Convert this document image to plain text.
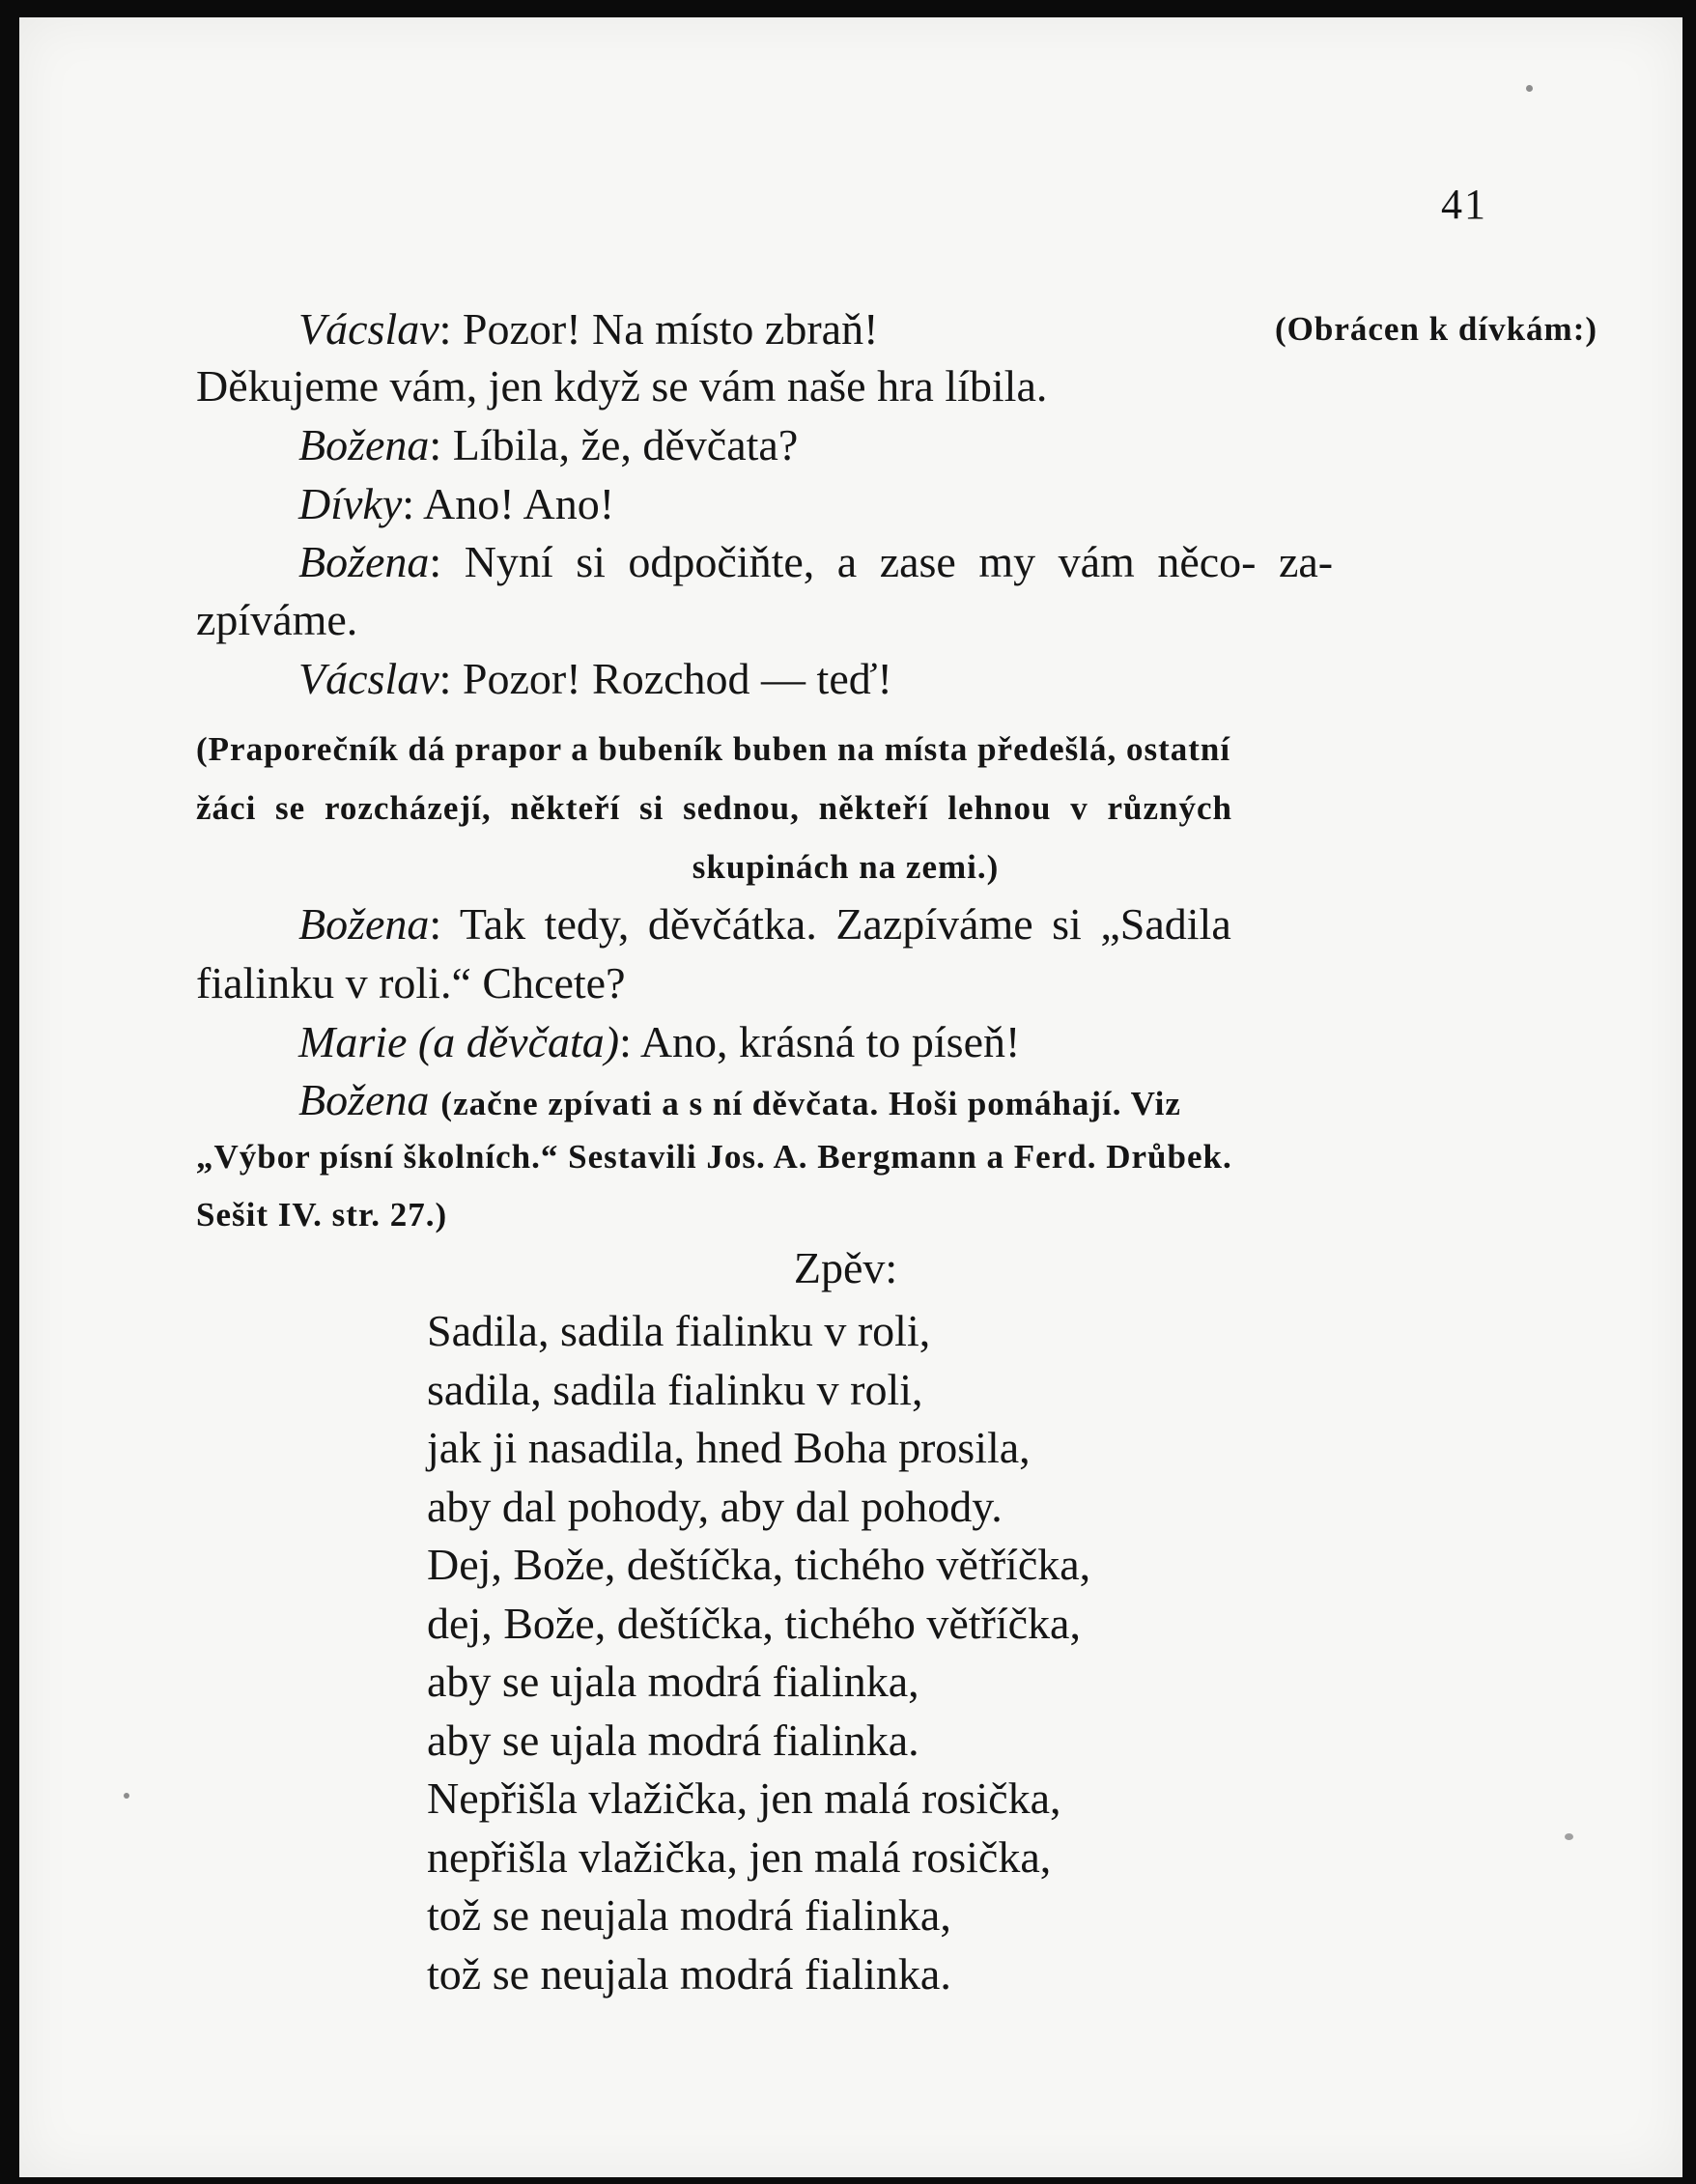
41
Vácslav: Pozor! Na místo zbraň!	(Obrácen k dívkám:)
Děkujeme vám, jen když se vám naše hra líbila.
Božena: Líbila, že, děvčata?
Dívky: Ano! Ano!
Božena: Nyní si odpočiňte, a zase my vám něco- za-
zpíváme.
Vácslav: Pozor! Rozchod — teď!
(Praporečník dá prapor a bubeník buben na místa předešlá, ostatní
žáci se rozcházejí, někteří si sednou, někteří lehnou v různých
skupinách na zemi.)
Božena: Tak tedy, děvčátka. Zazpíváme si „Sadila
fialinku v roli.“ Chcete?
Marie (a děvčata): Ano, krásná to píseň!
Božena (začne zpívati a s ní děvčata. Hoši pomáhají. Viz
„Výbor písní školních.“ Sestavili Jos. A. Bergmann a Ferd. Drůbek.
Sešit IV. str. 27.)
Zpěv:
Sadila, sadila fialinku v roli,
sadila, sadila fialinku v roli,
jak ji nasadila, hned Boha prosila,
aby dal pohody, aby dal pohody.
Dej, Bože, deštíčka, tichého větříčka,
dej, Bože, deštíčka, tichého větříčka,
aby se ujala modrá fialinka,
aby se ujala modrá fialinka.
Nepřišla vlažička, jen malá rosička,
nepřišla vlažička, jen malá rosička,
tož se neujala modrá fialinka,
tož se neujala modrá fialinka.
